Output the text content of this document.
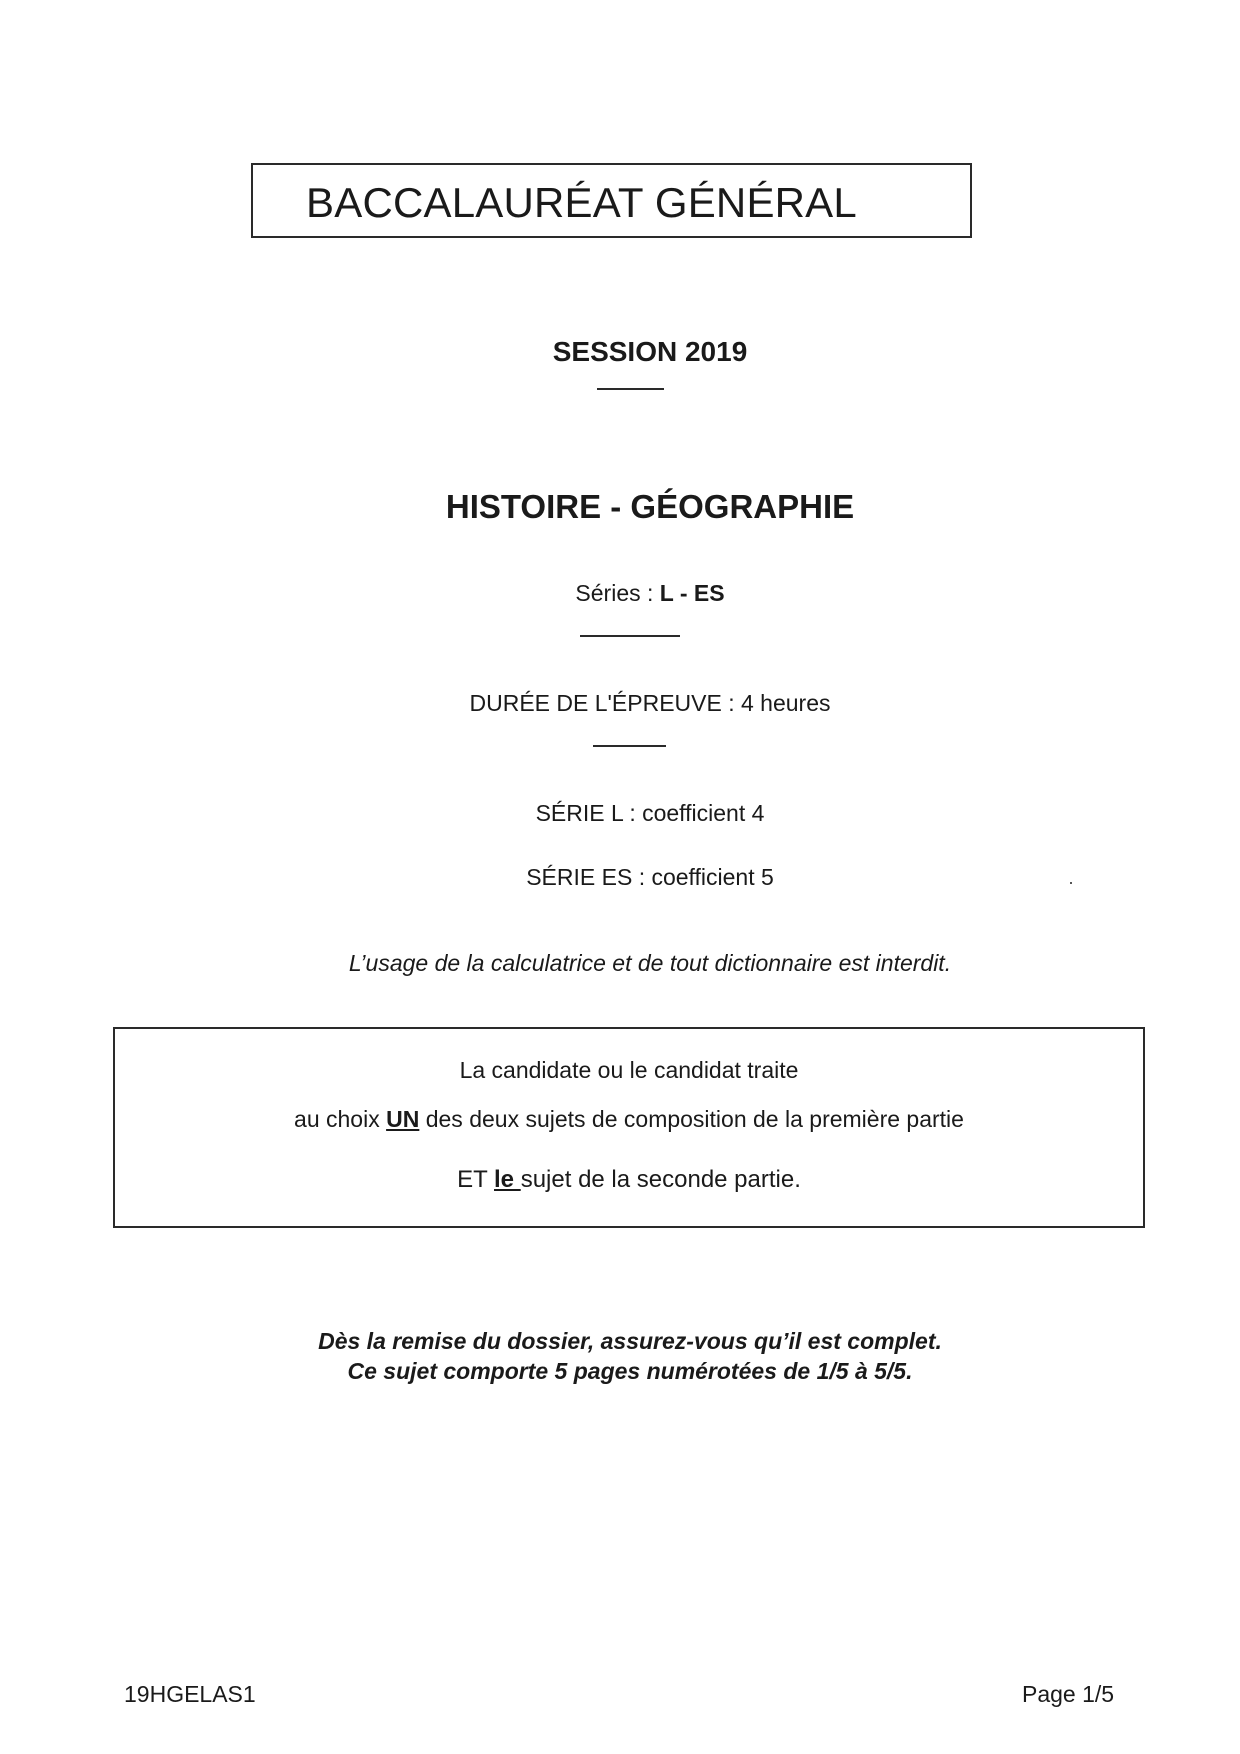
BACCALAURÉAT GÉNÉRAL
SESSION 2019
HISTOIRE - GÉOGRAPHIE
Séries : L - ES
DURÉE DE L'ÉPREUVE : 4 heures
SÉRIE L : coefficient 4
SÉRIE ES : coefficient 5
L’usage de la calculatrice et de tout dictionnaire est interdit.
La candidate ou le candidat traite
au choix UN des deux sujets de composition de la première partie
ET le sujet de la seconde partie.
Dès la remise du dossier, assurez-vous qu’il est complet.
Ce sujet comporte 5 pages numérotées de 1/5 à 5/5.
19HGELAS1	Page 1/5
